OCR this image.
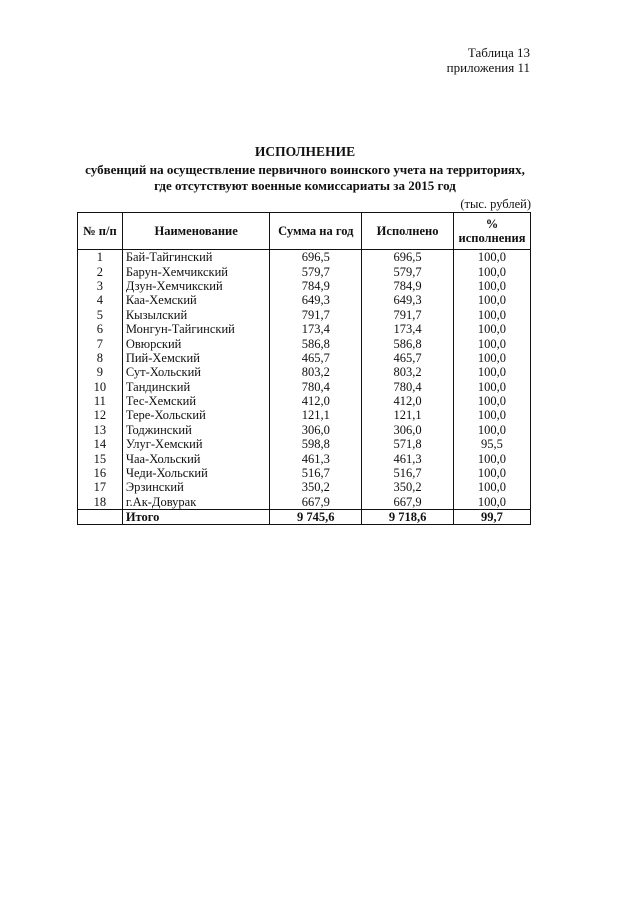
Таблица 13
приложения 11
ИСПОЛНЕНИЕ
субвенций на осуществление первичного воинского учета на территориях,
где отсутствуют военные комиссариаты за 2015 год
(тыс. рублей)
№ п/п	Наименование	Сумма на год	Исполнено	%
исполнения

1	Бай-Тайгинский	696,5	696,5	100,0
2	Барун-Хемчикский	579,7	579,7	100,0
3	Дзун-Хемчикский	784,9	784,9	100,0
4	Каа-Хемский	649,3	649,3	100,0
5	Кызылский	791,7	791,7	100,0
6	Монгун-Тайгинский	173,4	173,4	100,0
7	Овюрский	586,8	586,8	100,0
8	Пий-Хемский	465,7	465,7	100,0
9	Сут-Хольский	803,2	803,2	100,0
10	Тандинский	780,4	780,4	100,0
11	Тес-Хемский	412,0	412,0	100,0
12	Тере-Хольский	121,1	121,1	100,0
13	Тоджинский	306,0	306,0	100,0
14	Улуг-Хемский	598,8	571,8	95,5
15	Чаа-Хольский	461,3	461,3	100,0
16	Чеди-Хольский	516,7	516,7	100,0
17	Эрзинский	350,2	350,2	100,0
18	г.Ак-Довурак	667,9	667,9	100,0
	Итого	9 745,6	9 718,6	99,7
